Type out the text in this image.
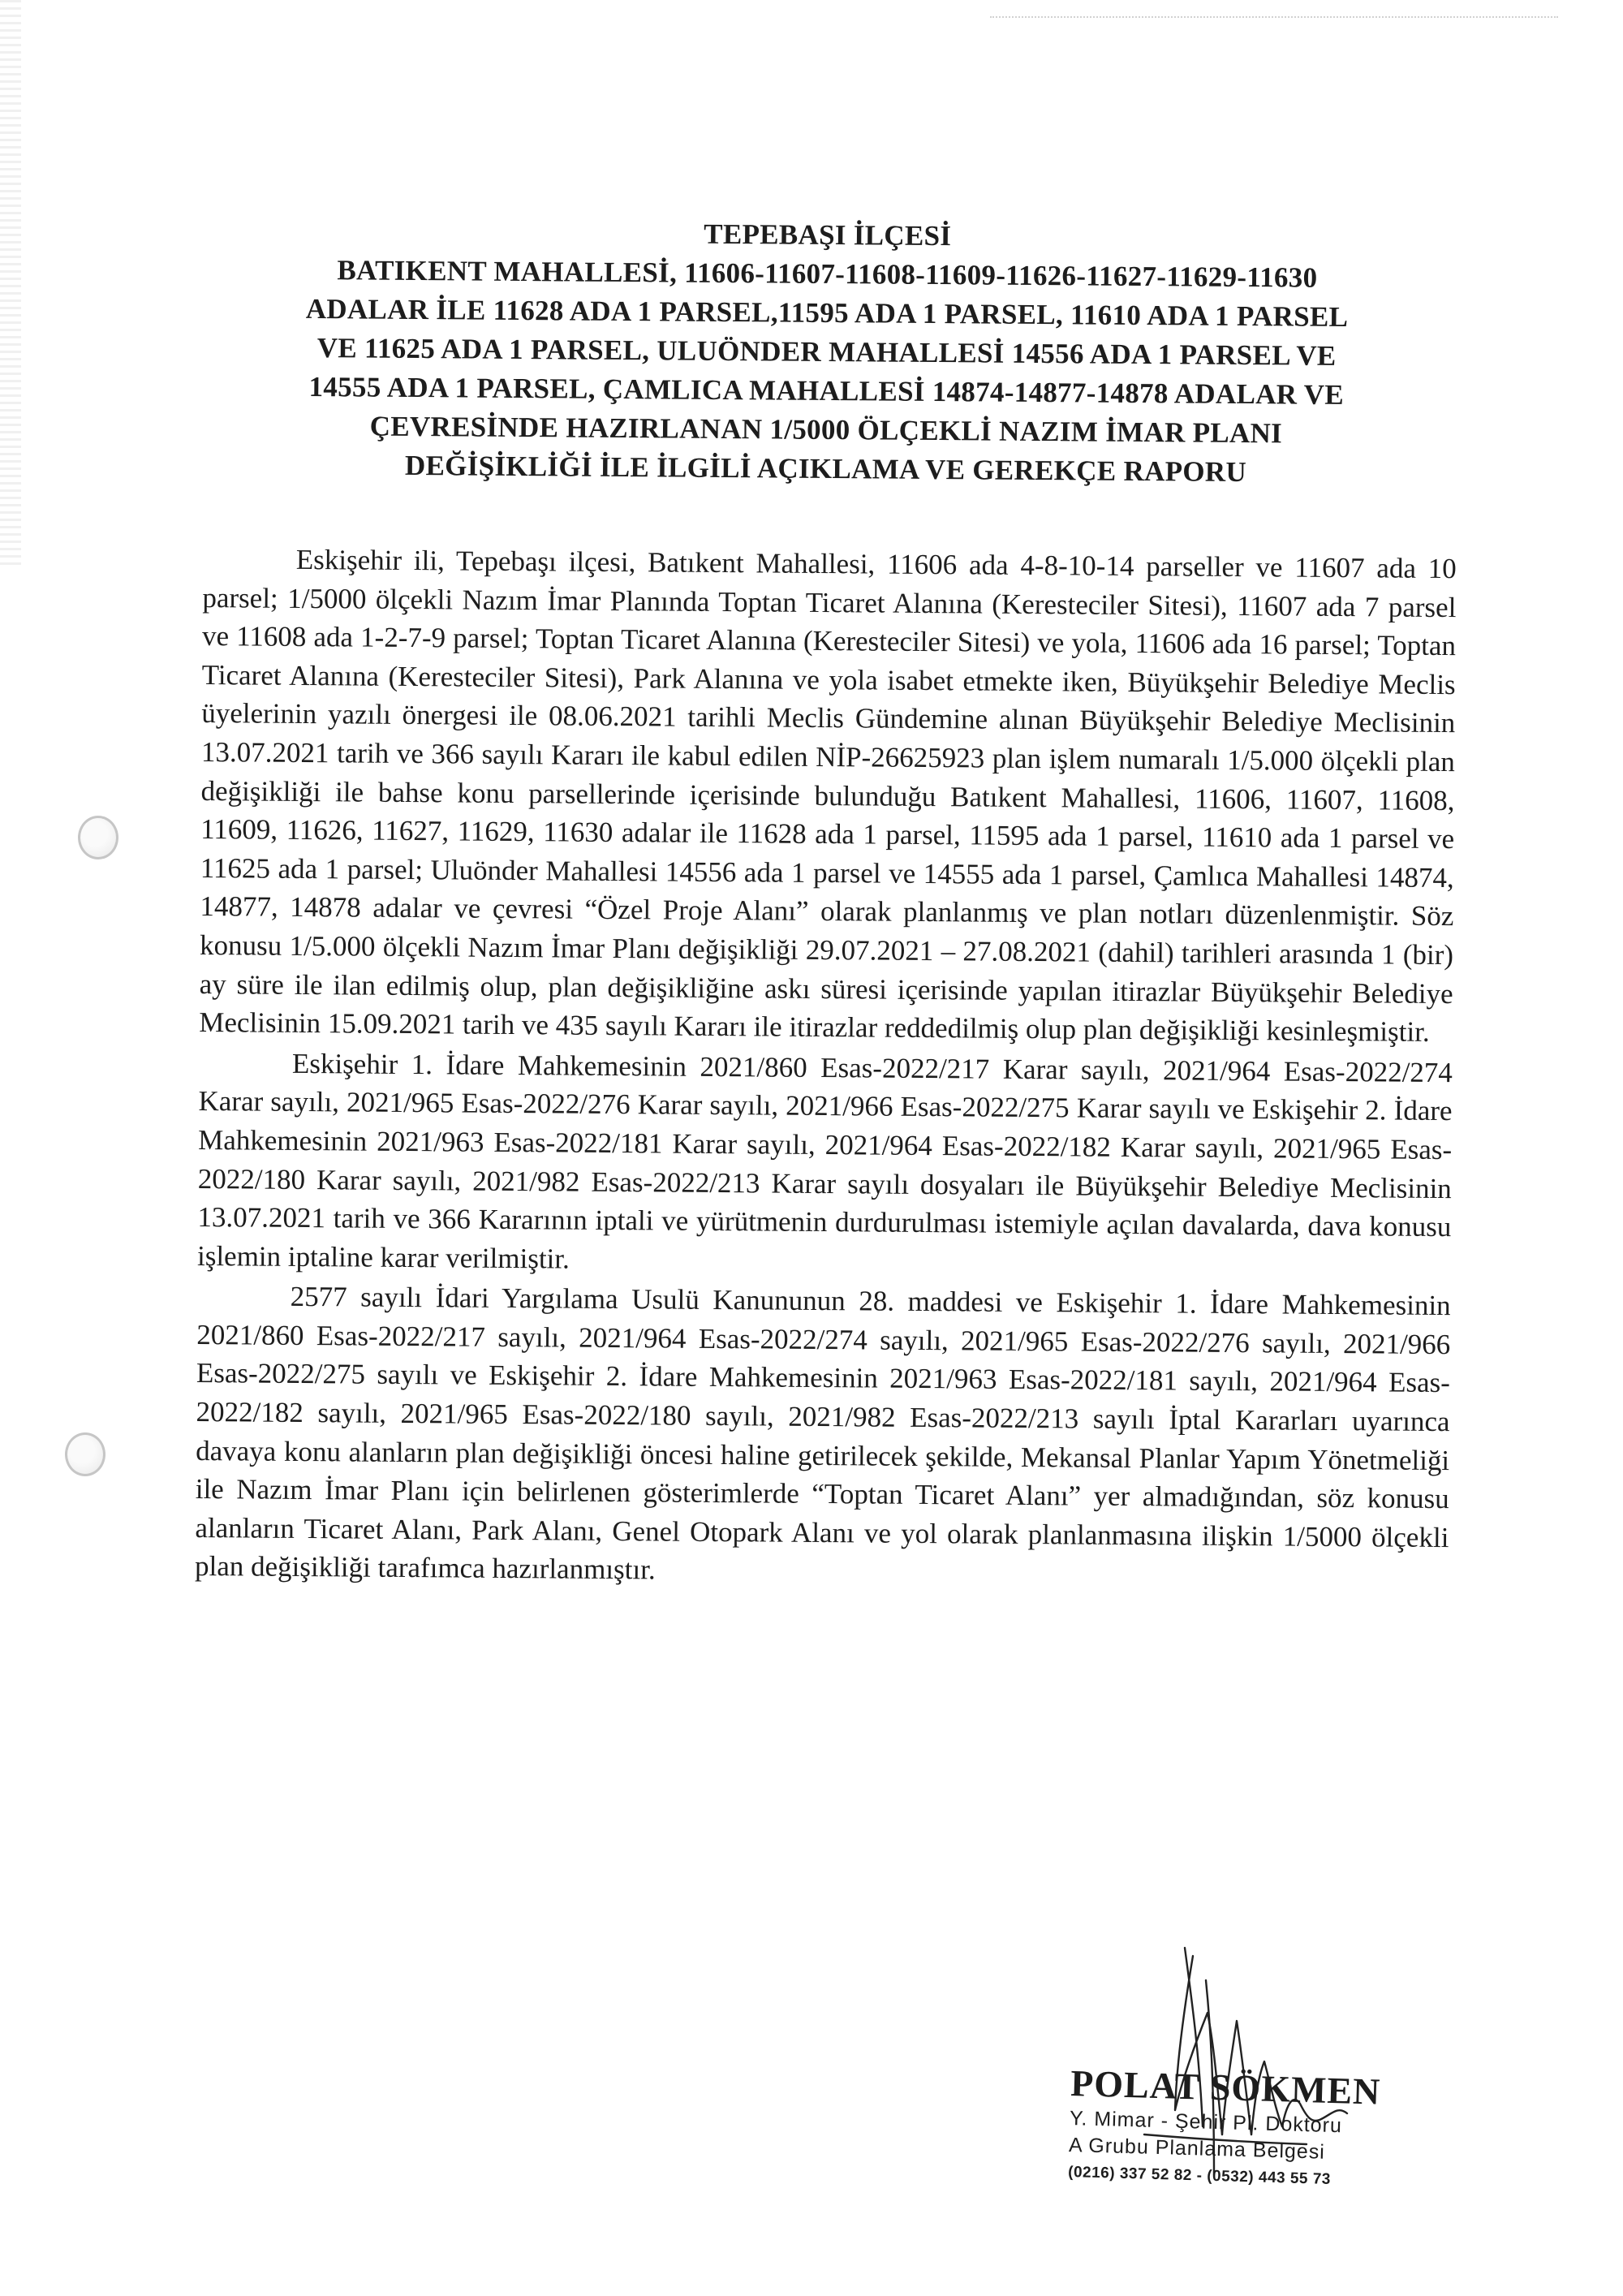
TEPEBAŞI İLÇESİ
BATIKENT MAHALLESİ, 11606-11607-11608-11609-11626-11627-11629-11630
ADALAR İLE 11628 ADA 1 PARSEL,11595 ADA 1 PARSEL, 11610 ADA 1 PARSEL
VE 11625 ADA 1 PARSEL, ULUÖNDER MAHALLESİ 14556 ADA 1 PARSEL VE
14555 ADA 1 PARSEL, ÇAMLICA MAHALLESİ 14874-14877-14878 ADALAR VE
ÇEVRESİNDE HAZIRLANAN 1/5000 ÖLÇEKLİ NAZIM İMAR PLANI
DEĞİŞİKLİĞİ İLE İLGİLİ AÇIKLAMA VE GEREKÇE RAPORU

Eskişehir ili, Tepebaşı ilçesi, Batıkent Mahallesi, 11606 ada 4-8-10-14 parseller ve 11607 ada 10 parsel; 1/5000 ölçekli Nazım İmar Planında Toptan Ticaret Alanına (Keresteciler Sitesi), 11607 ada 7 parsel ve 11608 ada 1-2-7-9 parsel; Toptan Ticaret Alanına (Keresteciler Sitesi) ve yola, 11606 ada 16 parsel; Toptan Ticaret Alanına (Keresteciler Sitesi), Park Alanına ve yola isabet etmekte iken, Büyükşehir Belediye Meclis üyelerinin yazılı önergesi ile 08.06.2021 tarihli Meclis Gündemine alınan Büyükşehir Belediye Meclisinin 13.07.2021 tarih ve 366 sayılı Kararı ile kabul edilen NİP-26625923 plan işlem numaralı 1/5.000 ölçekli plan değişikliği ile bahse konu parsellerinde içerisinde bulunduğu Batıkent Mahallesi, 11606, 11607, 11608, 11609, 11626, 11627, 11629, 11630 adalar ile 11628 ada 1 parsel, 11595 ada 1 parsel, 11610 ada 1 parsel ve 11625 ada 1 parsel; Uluönder Mahallesi 14556 ada 1 parsel ve 14555 ada 1 parsel, Çamlıca Mahallesi 14874, 14877, 14878 adalar ve çevresi “Özel Proje Alanı” olarak planlanmış ve plan notları düzenlenmiştir. Söz konusu 1/5.000 ölçekli Nazım İmar Planı değişikliği 29.07.2021 – 27.08.2021 (dahil) tarihleri arasında 1 (bir) ay süre ile ilan edilmiş olup, plan değişikliğine askı süresi içerisinde yapılan itirazlar Büyükşehir Belediye Meclisinin 15.09.2021 tarih ve 435 sayılı Kararı ile itirazlar reddedilmiş olup plan değişikliği kesinleşmiştir.

Eskişehir 1. İdare Mahkemesinin 2021/860 Esas-2022/217 Karar sayılı, 2021/964 Esas-2022/274 Karar sayılı, 2021/965 Esas-2022/276 Karar sayılı, 2021/966 Esas-2022/275 Karar sayılı ve Eskişehir 2. İdare Mahkemesinin 2021/963 Esas-2022/181 Karar sayılı, 2021/964 Esas-2022/182 Karar sayılı, 2021/965 Esas-2022/180 Karar sayılı, 2021/982 Esas-2022/213 Karar sayılı dosyaları ile Büyükşehir Belediye Meclisinin 13.07.2021 tarih ve 366 Kararının iptali ve yürütmenin durdurulması istemiyle açılan davalarda, dava konusu işlemin iptaline karar verilmiştir.

2577 sayılı İdari Yargılama Usulü Kanununun 28. maddesi ve Eskişehir 1. İdare Mahkemesinin 2021/860 Esas-2022/217 sayılı, 2021/964 Esas-2022/274 sayılı, 2021/965 Esas-2022/276 sayılı, 2021/966 Esas-2022/275 sayılı ve Eskişehir 2. İdare Mahkemesinin 2021/963 Esas-2022/181 sayılı, 2021/964 Esas-2022/182 sayılı, 2021/965 Esas-2022/180 sayılı, 2021/982 Esas-2022/213 sayılı İptal Kararları uyarınca davaya konu alanların plan değişikliği öncesi haline getirilecek şekilde, Mekansal Planlar Yapım Yönetmeliği ile Nazım İmar Planı için belirlenen gösterimlerde “Toptan Ticaret Alanı” yer almadığından, söz konusu alanların Ticaret Alanı, Park Alanı, Genel Otopark Alanı ve yol olarak planlanmasına ilişkin 1/5000 ölçekli plan değişikliği tarafımca hazırlanmıştır.

POLAT SÖKMEN
Y. Mimar - Şehir Pl. Doktoru
A Grubu Planlama Belgesi
(0216) 337 52 82 - (0532) 443 55 73
